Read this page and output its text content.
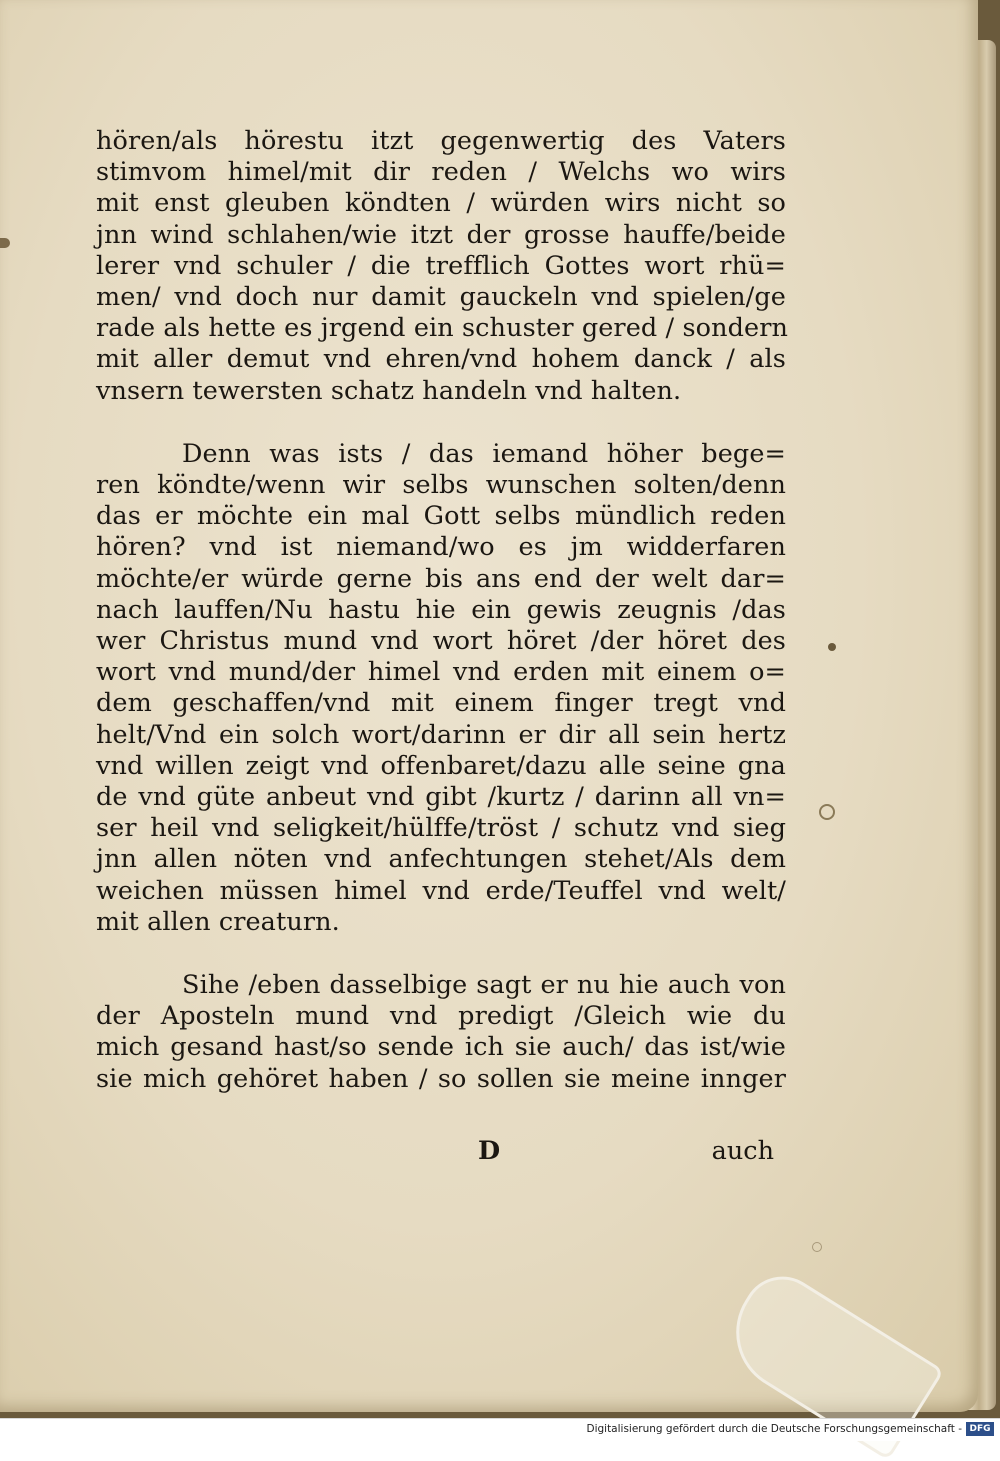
hören/als hörestu itzt gegenwertig des Vaters
stimvom himel/mit dir reden / Welchs wo wirs
mit enst gleuben köndten / würden wirs nicht so
jnn wind schlahen/wie itzt der grosse hauffe/beide
lerer vnd schuler / die trefflich Gottes wort rhü=
men/ vnd doch nur damit gauckeln vnd spielen/ge
rade als hette es jrgend ein schuster gered / sondern
mit aller demut vnd ehren/vnd hohem danck / als
vnsern tewersten schatz handeln vnd halten.
Denn was ists / das iemand höher bege=
ren köndte/wenn wir selbs wunschen solten/denn
das er möchte ein mal Gott selbs mündlich reden
hören? vnd ist niemand/wo es jm widderfaren
möchte/er würde gerne bis ans end der welt dar=
nach lauffen/Nu hastu hie ein gewis zeugnis /das
wer Christus mund vnd wort höret /der höret des
wort vnd mund/der himel vnd erden mit einem o=
dem geschaffen/vnd mit einem finger tregt vnd
helt/Vnd ein solch wort/darinn er dir all sein hertz
vnd willen zeigt vnd offenbaret/dazu alle seine gna
de vnd güte anbeut vnd gibt /kurtz / darinn all vn=
ser heil vnd seligkeit/hülffe/tröst / schutz vnd sieg
jnn allen nöten vnd anfechtungen stehet/Als dem
weichen müssen himel vnd erde/Teuffel vnd welt/
mit allen creaturn.
Sihe /eben dasselbige sagt er nu hie auch von
der Aposteln mund vnd predigt /Gleich wie du
mich gesand hast/so sende ich sie auch/ das ist/wie
sie mich gehöret haben / so sollen sie meine innger
D	auch
Digitalisierung gefördert durch die Deutsche Forschungsgemeinschaft - DFG
